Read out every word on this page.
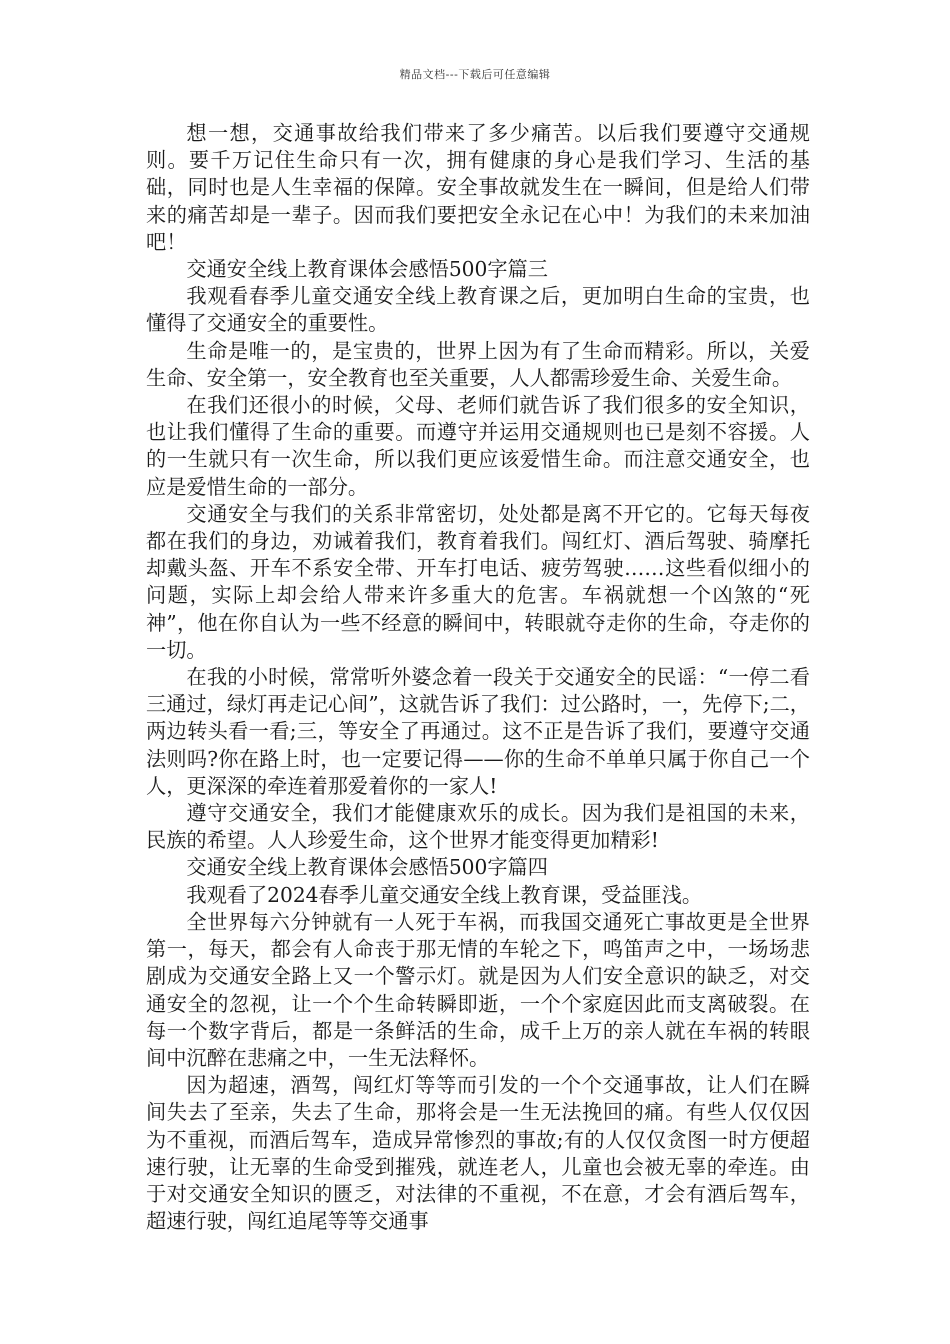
精品文档---下载后可任意编辑

想一想，交通事故给我们带来了多少痛苦。以后我们要遵守交通规则。要千万记住生命只有一次，拥有健康的身心是我们学习、生活的基础，同时也是人生幸福的保障。安全事故就发生在一瞬间，但是给人们带来的痛苦却是一辈子。因而我们要把安全永记在心中！为我们的未来加油吧！

交通安全线上教育课体会感悟500字篇三

我观看春季儿童交通安全线上教育课之后，更加明白生命的宝贵，也懂得了交通安全的重要性。

生命是唯一的，是宝贵的，世界上因为有了生命而精彩。所以，关爱生命、安全第一，安全教育也至关重要，人人都需珍爱生命、关爱生命。

在我们还很小的时候，父母、老师们就告诉了我们很多的安全知识，也让我们懂得了生命的重要。而遵守并运用交通规则也已是刻不容援。人的一生就只有一次生命，所以我们更应该爱惜生命。而注意交通安全，也应是爱惜生命的一部分。

交通安全与我们的关系非常密切，处处都是离不开它的。它每天每夜都在我们的身边，劝诫着我们，教育着我们。闯红灯、酒后驾驶、骑摩托却戴头盔、开车不系安全带、开车打电话、疲劳驾驶……这些看似细小的问题，实际上却会给人带来许多重大的危害。车祸就想一个凶煞的“死神”，他在你自认为一些不经意的瞬间中，转眼就夺走你的生命，夺走你的一切。

在我的小时候，常常听外婆念着一段关于交通安全的民谣：“一停二看三通过，绿灯再走记心间”，这就告诉了我们：过公路时，一，先停下;二，两边转头看一看;三，等安全了再通过。这不正是告诉了我们，要遵守交通法则吗?你在路上时，也一定要记得——你的生命不单单只属于你自己一个人，更深深的牵连着那爱着你的一家人!

遵守交通安全，我们才能健康欢乐的成长。因为我们是祖国的未来，民族的希望。人人珍爱生命，这个世界才能变得更加精彩!

交通安全线上教育课体会感悟500字篇四

我观看了2024春季儿童交通安全线上教育课，受益匪浅。

全世界每六分钟就有一人死于车祸，而我国交通死亡事故更是全世界第一，每天，都会有人命丧于那无情的车轮之下，鸣笛声之中，一场场悲剧成为交通安全路上又一个警示灯。就是因为人们安全意识的缺乏，对交通安全的忽视，让一个个生命转瞬即逝，一个个家庭因此而支离破裂。在每一个数字背后，都是一条鲜活的生命，成千上万的亲人就在车祸的转眼间中沉醉在悲痛之中，一生无法释怀。

因为超速，酒驾，闯红灯等等而引发的一个个交通事故，让人们在瞬间失去了至亲，失去了生命，那将会是一生无法挽回的痛。有些人仅仅因为不重视，而酒后驾车，造成异常惨烈的事故;有的人仅仅贪图一时方便超速行驶，让无辜的生命受到摧残，就连老人，儿童也会被无辜的牵连。由于对交通安全知识的匮乏，对法律的不重视，不在意，才会有酒后驾车，超速行驶，闯红追尾等等交通事
